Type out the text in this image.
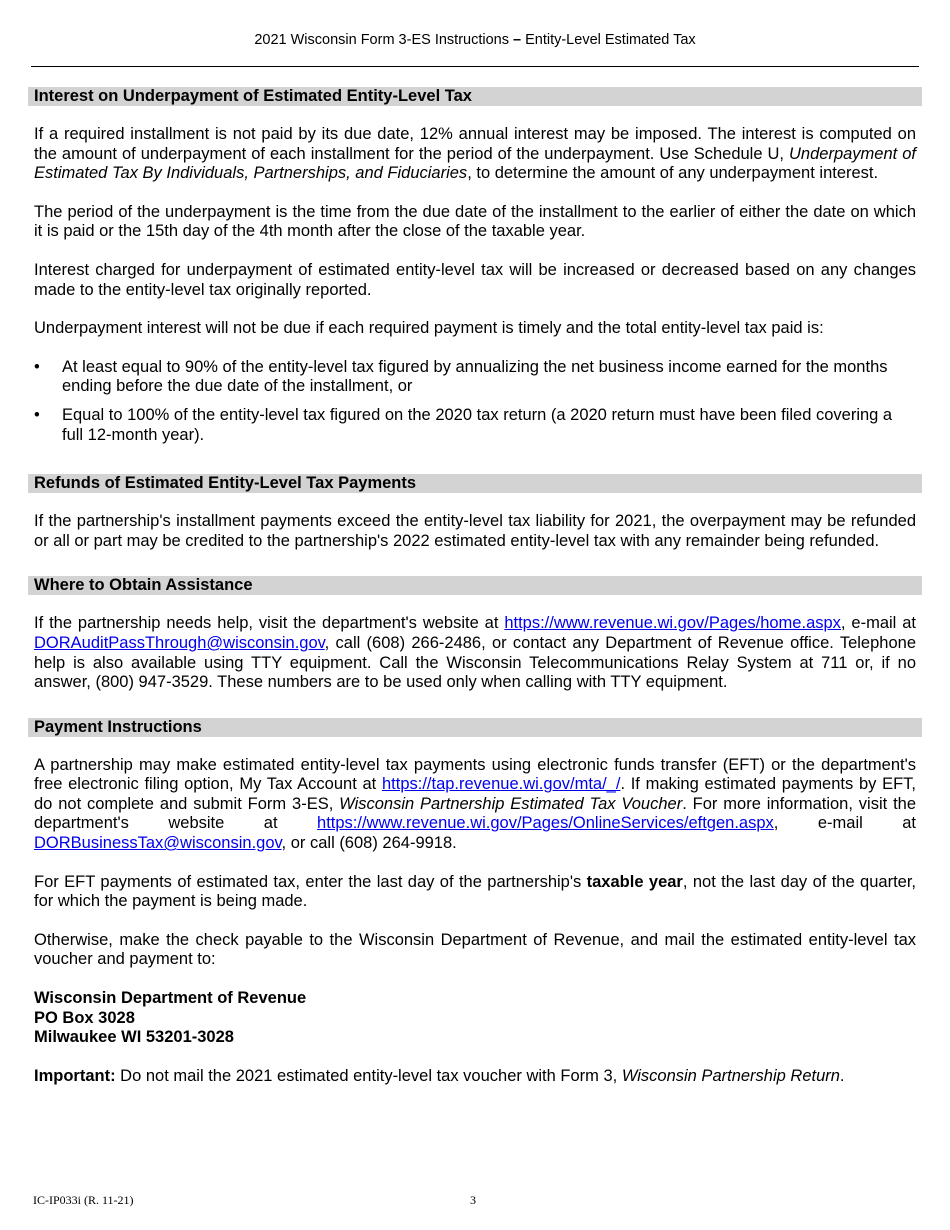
2021 Wisconsin Form 3-ES Instructions – Entity-Level Estimated Tax
Interest on Underpayment of Estimated Entity-Level Tax

If a required installment is not paid by its due date, 12% annual interest may be imposed. The interest is computed on the amount of underpayment of each installment for the period of the underpayment. Use Schedule U, Underpayment of Estimated Tax By Individuals, Partnerships, and Fiduciaries, to determine the amount of any underpayment interest.

The period of the underpayment is the time from the due date of the installment to the earlier of either the date on which it is paid or the 15th day of the 4th month after the close of the taxable year.

Interest charged for underpayment of estimated entity-level tax will be increased or decreased based on any changes made to the entity-level tax originally reported.

Underpayment interest will not be due if each required payment is timely and the total entity-level tax paid is:

• At least equal to 90% of the entity-level tax figured by annualizing the net business income earned for the months ending before the due date of the installment, or
• Equal to 100% of the entity-level tax figured on the 2020 tax return (a 2020 return must have been filed covering a full 12-month year).
Refunds of Estimated Entity-Level Tax Payments

If the partnership's installment payments exceed the entity-level tax liability for 2021, the overpayment may be refunded or all or part may be credited to the partnership's 2022 estimated entity-level tax with any remainder being refunded.

Where to Obtain Assistance

If the partnership needs help, visit the department's website at https://www.revenue.wi.gov/Pages/home.aspx, e-mail at DORAuditPassThrough@wisconsin.gov, call (608) 266-2486, or contact any Department of Revenue office. Telephone help is also available using TTY equipment. Call the Wisconsin Telecommunications Relay System at 711 or, if no answer, (800) 947-3529. These numbers are to be used only when calling with TTY equipment.

Payment Instructions

A partnership may make estimated entity-level tax payments using electronic funds transfer (EFT) or the department's free electronic filing option, My Tax Account at https://tap.revenue.wi.gov/mta/_/. If making estimated payments by EFT, do not complete and submit Form 3-ES, Wisconsin Partnership Estimated Tax Voucher. For more information, visit the department's website at https://www.revenue.wi.gov/Pages/OnlineServices/eftgen.aspx, e-mail at DORBusinessTax@wisconsin.gov, or call (608) 264-9918.

For EFT payments of estimated tax, enter the last day of the partnership's taxable year, not the last day of the quarter, for which the payment is being made.

Otherwise, make the check payable to the Wisconsin Department of Revenue, and mail the estimated entity-level tax voucher and payment to:

Wisconsin Department of Revenue
PO Box 3028
Milwaukee WI 53201-3028

Important: Do not mail the 2021 estimated entity-level tax voucher with Form 3, Wisconsin Partnership Return.

IC-IP033i (R. 11-21)	3
